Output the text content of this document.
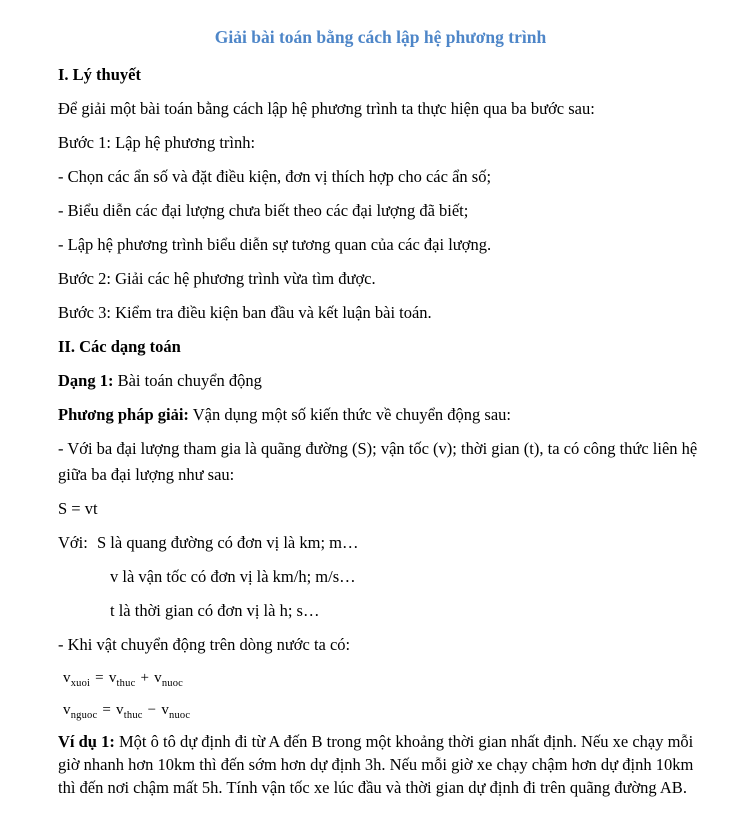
Giải bài toán bằng cách lập hệ phương trình

I. Lý thuyết

Để giải một bài toán bằng cách lập hệ phương trình ta thực hiện qua ba bước sau:

Bước 1: Lập hệ phương trình:

- Chọn các ẩn số và đặt điều kiện, đơn vị thích hợp cho các ẩn số;

- Biểu diễn các đại lượng chưa biết theo các đại lượng đã biết;

- Lập hệ phương trình biểu diễn sự tương quan của các đại lượng.

Bước 2: Giải các hệ phương trình vừa tìm được.

Bước 3: Kiểm tra điều kiện ban đầu và kết luận bài toán.

II. Các dạng toán

Dạng 1: Bài toán chuyển động

Phương pháp giải: Vận dụng một số kiến thức về chuyển động sau:

- Với ba đại lượng tham gia là quãng đường (S); vận tốc (v); thời gian (t), ta có công thức liên hệ giữa ba đại lượng như sau:

S = vt

Với: S là quang đường có đơn vị là km; m…

v là vận tốc có đơn vị là km/h; m/s…

t là thời gian có đơn vị là h; s…

- Khi vật chuyển động trên dòng nước ta có:

$v_{xuoi} = v_{thuc} + v_{nuoc}$

$v_{nguoc} = v_{thuc} - v_{nuoc}$

Ví dụ 1: Một ô tô dự định đi từ A đến B trong một khoảng thời gian nhất định. Nếu xe chạy mỗi giờ nhanh hơn 10km thì đến sớm hơn dự định 3h. Nếu mỗi giờ xe chạy chậm hơn dự định 10km thì đến nơi chậm mất 5h. Tính vận tốc xe lúc đầu và thời gian dự định đi trên quãng đường AB.
